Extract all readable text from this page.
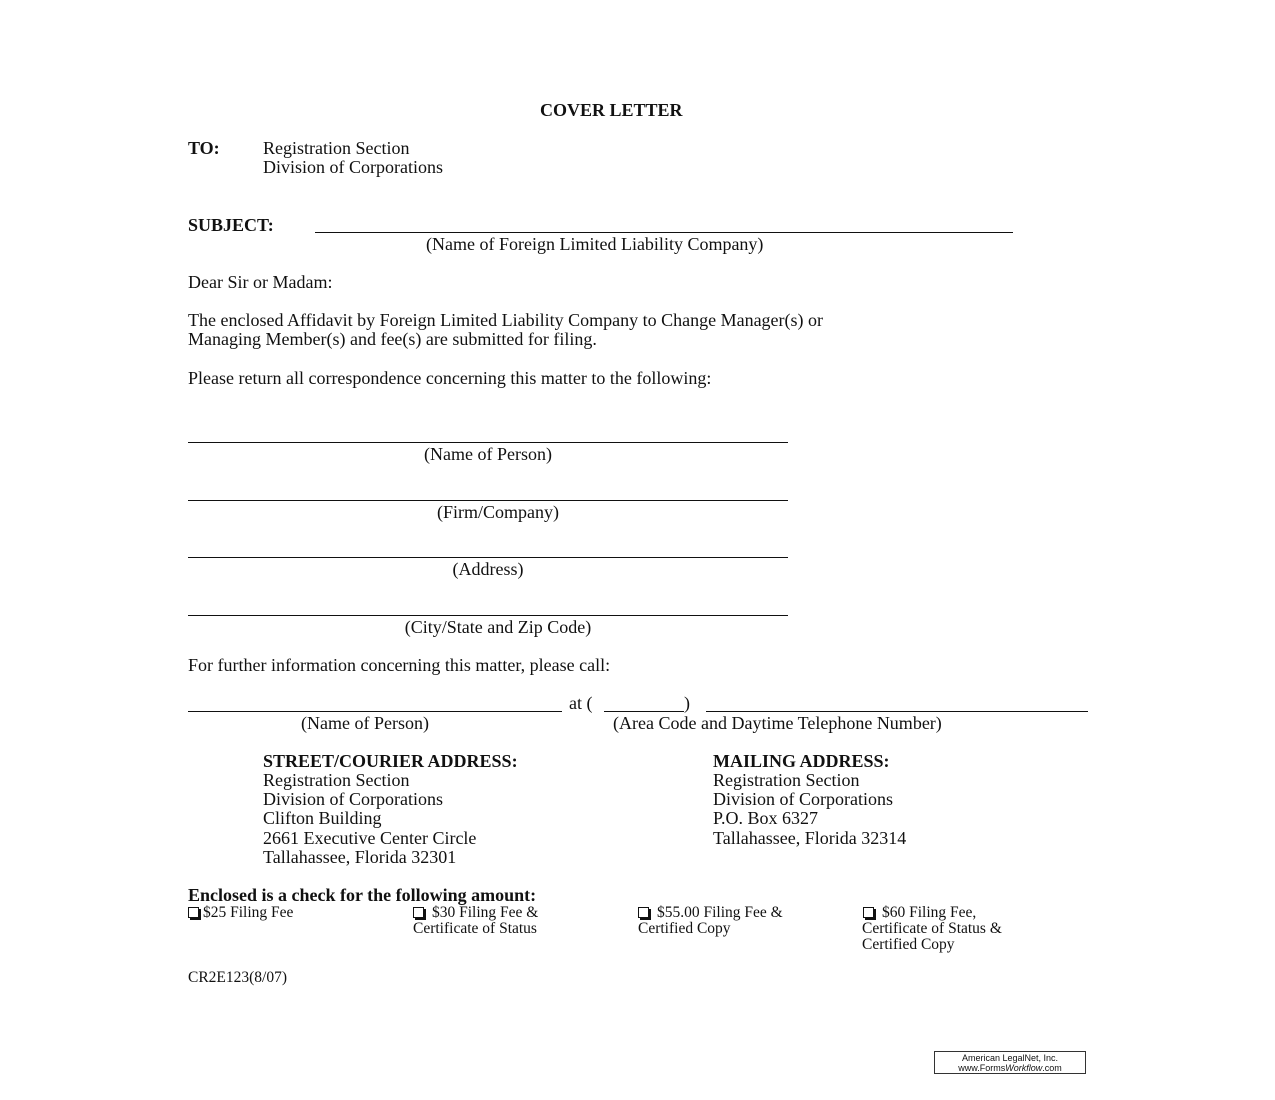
COVER LETTER
TO: Registration Section
Division of Corporations
SUBJECT:
(Name of Foreign Limited Liability Company)
Dear Sir or Madam:
The enclosed Affidavit by Foreign Limited Liability Company to Change Manager(s) or
Managing Member(s) and fee(s) are submitted for filing.
Please return all correspondence concerning this matter to the following:
(Name of Person)
(Firm/Company)
(Address)
(City/State and Zip Code)
For further information concerning this matter, please call:
at (	)
(Name of Person)	(Area Code and Daytime Telephone Number)
STREET/COURIER ADDRESS:
Registration Section
Division of Corporations
Clifton Building
2661 Executive Center Circle
Tallahassee, Florida 32301
MAILING ADDRESS:
Registration Section
Division of Corporations
P.O. Box 6327
Tallahassee, Florida 32314
Enclosed is a check for the following amount:
$25 Filing Fee	$30 Filing Fee &
Certificate of Status
$55.00 Filing Fee &
Certified Copy
$60 Filing Fee,
Certificate of Status &
Certified Copy
CR2E123(8/07)
American LegalNet, Inc.
www.FormsWorkflow.com
